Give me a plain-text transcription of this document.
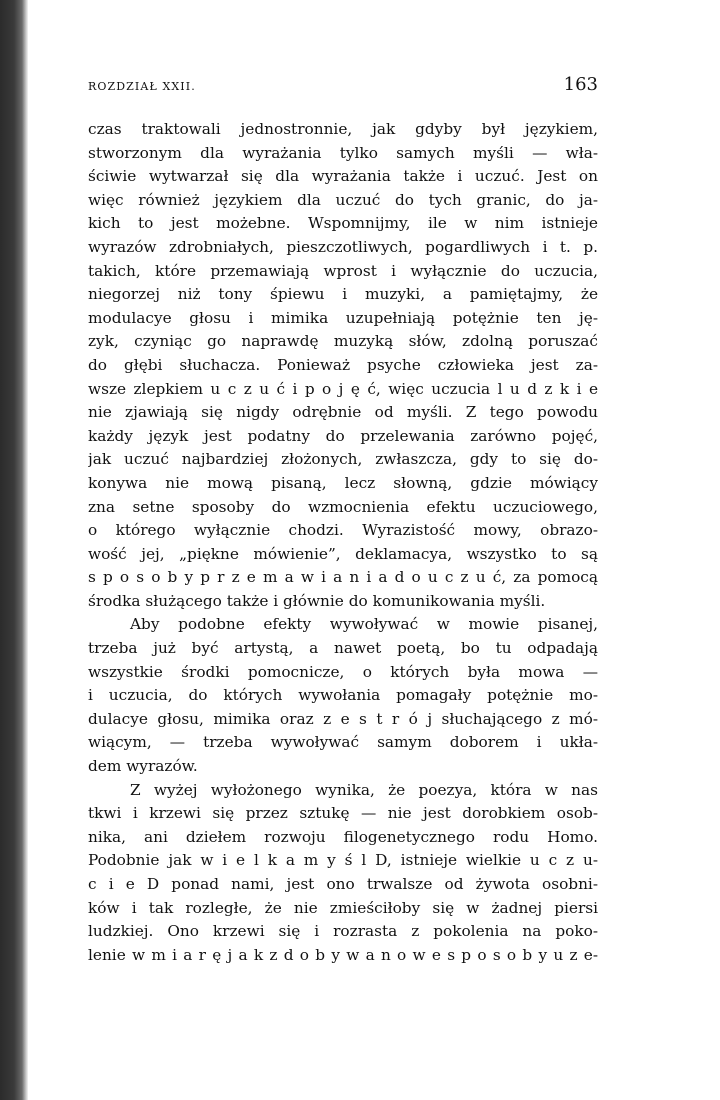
ROZDZIAŁ XXII.	163
czas traktowali jednostronnie, jak gdyby był językiem,
stworzonym dla wyrażania tylko samych myśli — wła-
ściwie wytwarzał się dla wyrażania także i uczuć. Jest on
więc również językiem dla uczuć do tych granic, do ja-
kich to jest możebne. Wspomnijmy, ile w nim istnieje
wyrazów zdrobniałych, pieszczotliwych, pogardliwych i t. p.
takich, które przemawiają wprost i wyłącznie do uczucia,
niegorzej niż tony śpiewu i muzyki, a pamiętajmy, że
modulacye głosu i mimika uzupełniają potężnie ten ję-
zyk, czyniąc go naprawdę muzyką słów, zdolną poruszać
do głębi słuchacza. Ponieważ psyche człowieka jest za-
wsze zlepkiem u c z u ć i p o j ę ć, więc uczucia l u d z k i e
nie zjawiają się nigdy odrębnie od myśli. Z tego powodu
każdy język jest podatny do przelewania zarówno pojęć,
jak uczuć najbardziej złożonych, zwłaszcza, gdy to się do-
konywa nie mową pisaną, lecz słowną, gdzie mówiący
zna setne sposoby do wzmocnienia efektu uczuciowego,
o którego wyłącznie chodzi. Wyrazistość mowy, obrazo-
wość jej, „piękne mówienie”, deklamacya, wszystko to są
s p o s o b y p r z e m a w i a n i a d o u c z u ć, za pomocą
środka służącego także i głównie do komunikowania myśli.
Aby podobne efekty wywoływać w mowie pisanej,
trzeba już być artystą, a nawet poetą, bo tu odpadają
wszystkie środki pomocnicze, o których była mowa —
i uczucia, do których wywołania pomagały potężnie mo-
dulacye głosu, mimika oraz z e s t r ó j słuchającego z mó-
wiącym, — trzeba wywoływać samym doborem i ukła-
dem wyrazów.
Z wyżej wyłożonego wynika, że poezya, która w nas
tkwi i krzewi się przez sztukę — nie jest dorobkiem osob-
nika, ani dziełem rozwoju filogenetycznego rodu Homo.
Podobnie jak w i e l k a m y ś l D, istnieje wielkie u c z u-
c i e D ponad nami, jest ono trwalsze od żywota osobni-
ków i tak rozległe, że nie zmieściłoby się w żadnej piersi
ludzkiej. Ono krzewi się i rozrasta z pokolenia na poko-
lenie w m i a r ę j a k z d o b y w a n o w e s p o s o b y u z e-
